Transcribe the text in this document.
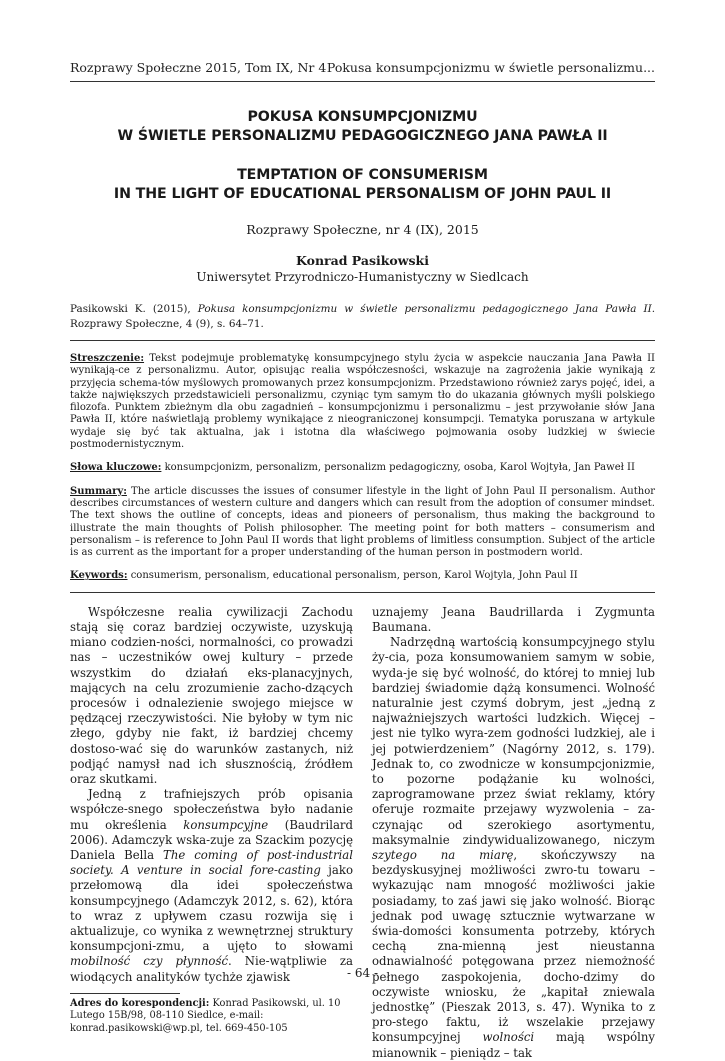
Rozprawy Społeczne 2015, Tom IX, Nr 4 Pokusa konsumpcjonizmu w świetle personalizmu...
POKUSA KONSUMPCJONIZMU
W ŚWIETLE PERSONALIZMU PEDAGOGICZNEGO JANA PAWŁA II
TEMPTATION OF CONSUMERISM
IN THE LIGHT OF EDUCATIONAL PERSONALISM OF JOHN PAUL II
Rozprawy Społeczne, nr 4 (IX), 2015
Konrad Pasikowski
Uniwersytet Przyrodniczo-Humanistyczny w Siedlcach
Pasikowski K. (2015), Pokusa konsumpcjonizmu w świetle personalizmu pedagogicznego Jana Pawła II. Rozprawy Społeczne, 4 (9), s. 64–71.
Streszczenie: Tekst podejmuje problematykę konsumpcyjnego stylu życia w aspekcie nauczania Jana Pawła II wynikają-ce z personalizmu. Autor, opisując realia współczesności, wskazuje na zagrożenia jakie wynikają z przyjęcia schema-tów myślowych promowanych przez konsumpcjonizm. Przedstawiono również zarys pojęć, idei, a także największych przedstawicieli personalizmu, czyniąc tym samym tło do ukazania głównych myśli polskiego filozofa. Punktem zbieżnym dla obu zagadnień – konsumpcjonizmu i personalizmu – jest przywołanie słów Jana Pawła II, które naświetlają problemy wynikające z nieograniczonej konsumpcji. Tematyka poruszana w artykule wydaje się być tak aktualna, jak i istotna dla właściwego pojmowania osoby ludzkiej w świecie postmodernistycznym.
Słowa kluczowe: konsumpcjonizm, personalizm, personalizm pedagogiczny, osoba, Karol Wojtyła, Jan Paweł II
Summary: The article discusses the issues of consumer lifestyle in the light of John Paul II personalism. Author describes circumstances of western culture and dangers which can result from the adoption of consumer mindset. The text shows the outline of concepts, ideas and pioneers of personalism, thus making the background to illustrate the main thoughts of Polish philosopher. The meeting point for both matters – consumerism and personalism – is reference to John Paul II words that light problems of limitless consumption. Subject of the article is as current as the important for a proper understanding of the human person in postmodern world.
Keywords: consumerism, personalism, educational personalism, person, Karol Wojtyla, John Paul II

Współczesne realia cywilizacji Zachodu stają się coraz bardziej oczywiste, uzyskują miano codzien-ności, normalności, co prowadzi nas – uczestników owej kultury – przede wszystkim do działań eks-planacyjnych, mających na celu zrozumienie zacho-dzących procesów i odnalezienie swojego miejsce w pędzącej rzeczywistości. Nie byłoby w tym nic złego, gdyby nie fakt, iż bardziej chcemy dostoso-wać się do warunków zastanych, niż podjąć namysł nad ich słusznością, źródłem oraz skutkami.

Jedną z trafniejszych prób opisania współcze-snego społeczeństwa było nadanie mu określenia konsumpcyjne (Baudrilard 2006). Adamczyk wska-zuje za Szackim pozycję Daniela Bella The coming of post-industrial society. A venture in social fore-casting jako przełomową dla idei społeczeństwa konsumpcyjnego (Adamczyk 2012, s. 62), która to wraz z upływem czasu rozwija się i aktualizuje, co wynika z wewnętrznej struktury konsumpcjoni-zmu, a ujęto to słowami mobilność czy płynność. Nie-wątpliwie za wiodących analityków tychże zjawisk

Adres do korespondencji: Konrad Pasikowski, ul. 10 Lutego 15B/98, 08-110 Siedlce, e-mail: konrad.pasikowski@wp.pl, tel. 669-450-105

uznajemy Jeana Baudrillarda i Zygmunta Baumana.

Nadrzędną wartością konsumpcyjnego stylu ży-cia, poza konsumowaniem samym w sobie, wyda-je się być wolność, do której to mniej lub bardziej świadomie dążą konsumenci. Wolność naturalnie jest czymś dobrym, jest „jedną z najważniejszych wartości ludzkich. Więcej – jest nie tylko wyra-zem godności ludzkiej, ale i jej potwierdzeniem” (Nagórny 2012, s. 179). Jednak to, co zwodnicze w konsumpcjonizmie, to pozorne podążanie ku wolności, zaprogramowane przez świat reklamy, który oferuje rozmaite przejawy wyzwolenia – za-czynając od szerokiego asortymentu, maksymalnie zindywidualizowanego, niczym szytego na miarę, skończywszy na bezdyskusyjnej możliwości zwro-tu towaru – wykazując nam mnogość możliwości jakie posiadamy, to zaś jawi się jako wolność. Biorąc jednak pod uwagę sztucznie wytwarzane w świa-domości konsumenta potrzeby, których cechą zna-mienną jest nieustanna odnawialność potęgowana przez niemożność pełnego zaspokojenia, docho-dzimy do oczywiste wniosku, że „kapitał zniewala jednostkę” (Pieszak 2013, s. 47). Wynika to z pro-stego faktu, iż wszelakie przejawy konsumpcyjnej wolności mają wspólny mianownik – pieniądz – tak

- 64 -
